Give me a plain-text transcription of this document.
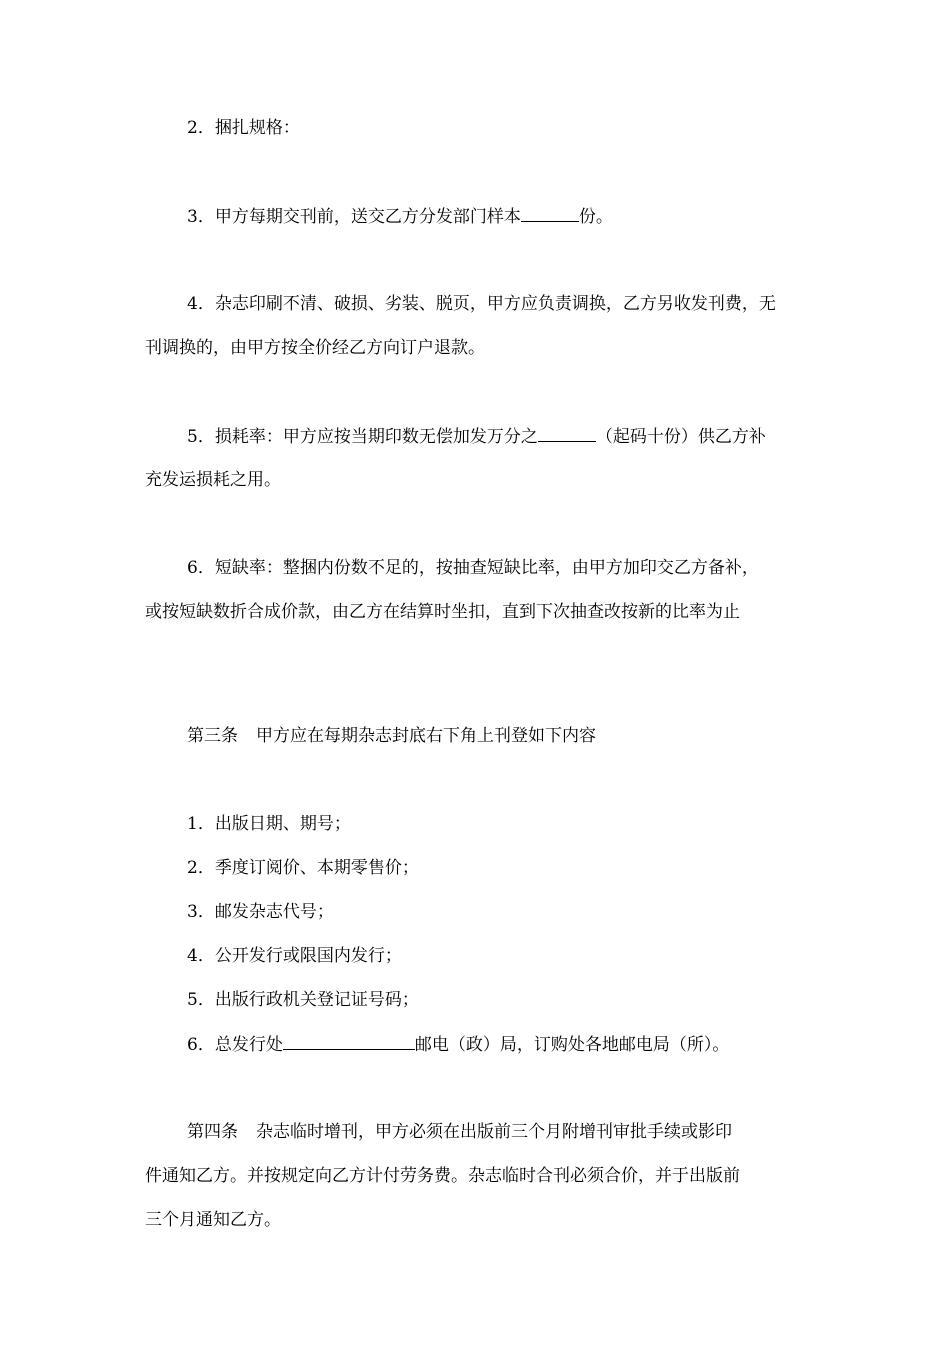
2．捆扎规格：
3．甲方每期交刊前，送交乙方分发部门样本	份。
4．杂志印刷不清、破损、劣装、脱页，甲方应负责调换，乙方另收发刊费，无
刊调换的，由甲方按全价经乙方向订户退款。
5．损耗率：甲方应按当期印数无偿加发万分之	（起码十份）供乙方补
充发运损耗之用。
6．短缺率：整捆内份数不足的，按抽查短缺比率，由甲方加印交乙方备补，
或按短缺数折合成价款，由乙方在结算时坐扣，直到下次抽查改按新的比率为止
第三条 甲方应在每期杂志封底右下角上刊登如下内容
1．出版日期、期号；
2．季度订阅价、本期零售价；
3．邮发杂志代号；
4．公开发行或限国内发行；
5．出版行政机关登记证号码；
6．总发行处	邮电（政）局，订购处各地邮电局（所）。
第四条 杂志临时增刊，甲方必须在出版前三个月附增刊审批手续或影印
件通知乙方。并按规定向乙方计付劳务费。杂志临时合刊必须合价，并于出版前
三个月通知乙方。
